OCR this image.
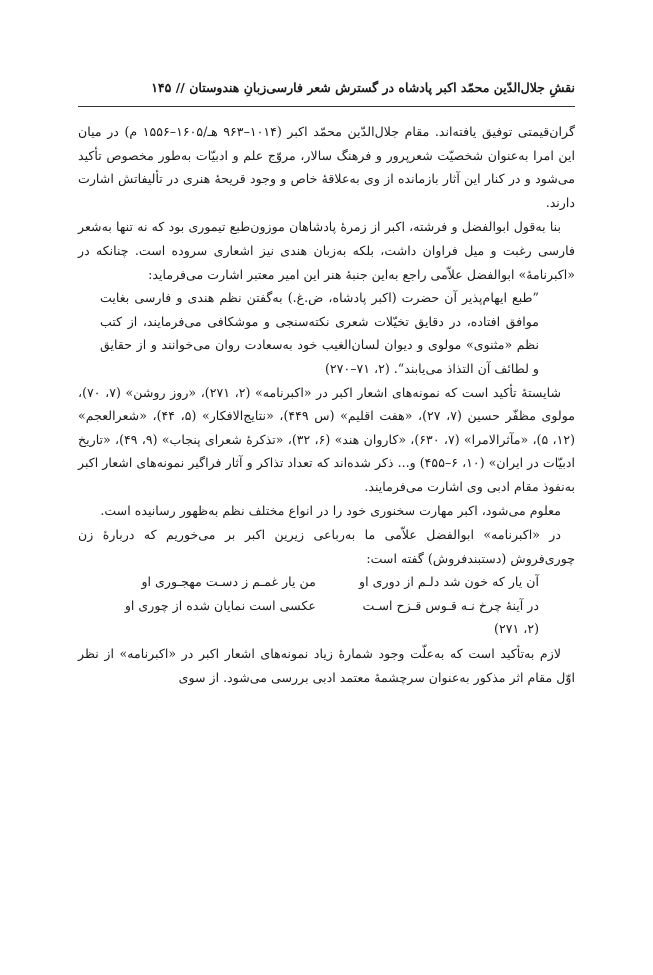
نقشِ جلال‌الدّین محمّد اکبر پادشاه در گسترش شعر فارسی‌زبانِ هندوستان // ۱۴۵

گران‌قیمتی توفیق یافته‌اند. مقام جلال‌الدّین محمّد اکبر (۱۰۱۴–۹۶۳ هـ/۱۶۰۵–۱۵۵۶ م) در میان این امرا به‌عنوان شخصیّت شعرپرور و فرهنگ سالار، مروّج علم و ادبیّات به‌طور مخصوص تأکید می‌شود و در کنار این آثار بازمانده از وی به‌علاقهٔ خاص و وجود قریحهٔ هنری در تألیفاتش اشارت دارند.

بنا به‌قول ابوالفضل و فرشته، اکبر از زمرهٔ پادشاهان موزون‌طبع تیموری بود که نه تنها به‌شعر فارسی رغبت و میل فراوان داشت، بلکه به‌زبان هندی نیز اشعاری سروده است. چنانکه در «اکبرنامهٔ» ابوالفضل علاّمی راجع به‌این جنبهٔ هنر این امیر معتبر اشارت می‌فرماید:

”طبع ایهام‌پذیر آن حضرت (اکبر پادشاه، ض.غ.) به‌گفتن نظم هندی و فارسی بغایت موافق افتاده، در دقایق تخیّلات شعری نکته‌سنجی و موشکافی می‌فرمایند، از کتب نظم «مثنوی» مولوی و دیوان لسان‌الغیب خود به‌سعادت روان می‌خوانند و از حقایق و لطائف آن التذاذ می‌یابند“. (۲، ۷۱–۲۷۰)

شایستهٔ تأکید است که نمونه‌های اشعار اکبر در «اکبرنامه» (۲، ۲۷۱)، «روز روشن» (۷، ۷۰)، مولوی مظفّر حسین (۷، ۲۷)، «هفت اقلیم» (س ۴۴۹)، «نتایج‌الافکار» (۵، ۴۴)، «شعرالعجم» (۱۲، ۵)، «مآثرالامرا» (۷، ۶۳۰)، «کاروان هند» (۶، ۳۲)، «تذکرهٔ شعرای پنجاب» (۹، ۴۹)، «تاریخ ادبیّات در ایران» (۱۰، ۶–۴۵۵) و... ذکر شده‌اند که تعداد تذاکر و آثار فراگیر نمونه‌های اشعار اکبر به‌نفوذ مقام ادبی وی اشارت می‌فرمایند.

معلوم می‌شود، اکبر مهارت سخنوری خود را در انواع مختلف نظم به‌ظهور رسانیده است.

در «اکبرنامه» ابوالفضل علاّمی ما به‌رباعی زیرین اکبر بر می‌خوریم که دربارهٔ زن چوری‌فروش (دستبندفروش) گفته است:

آن یار که خون شد دلـم از دوری او
من یار غمـم ز دسـت مهجـوری او
در آینهٔ چرخ نـه قـوس قـزح اسـت
عکسی است نمایان شده از چوری او
(۲، ۲۷۱)

لازم به‌تأکید است که به‌علّت وجود شمارهٔ زیاد نمونه‌های اشعار اکبر در «اکبرنامه» از نظر اوّل مقام اثر مذکور به‌عنوان سرچشمهٔ معتمد ادبی بررسی می‌شود. از سوی
